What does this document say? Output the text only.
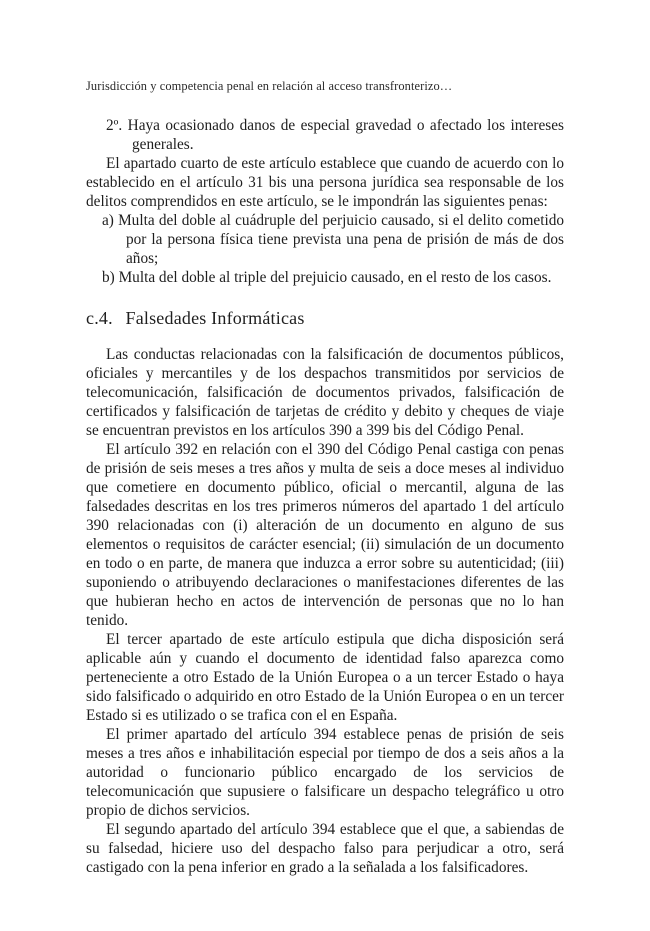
Jurisdicción y competencia penal en relación al acceso transfronterizo…

2º. Haya ocasionado danos de especial gravedad o afectado los intereses generales.

El apartado cuarto de este artículo establece que cuando de acuerdo con lo establecido en el artículo 31 bis una persona jurídica sea responsable de los delitos comprendidos en este artículo, se le impondrán las siguientes penas:

a) Multa del doble al cuádruple del perjuicio causado, si el delito cometido por la persona física tiene prevista una pena de prisión de más de dos años;

b) Multa del doble al triple del prejuicio causado, en el resto de los casos.

c.4. Falsedades Informáticas

Las conductas relacionadas con la falsificación de documentos públicos, oficiales y mercantiles y de los despachos transmitidos por servicios de telecomunicación, falsificación de documentos privados, falsificación de certificados y falsificación de tarjetas de crédito y debito y cheques de viaje se encuentran previstos en los artículos 390 a 399 bis del Código Penal.

El artículo 392 en relación con el 390 del Código Penal castiga con penas de prisión de seis meses a tres años y multa de seis a doce meses al individuo que cometiere en documento público, oficial o mercantil, alguna de las falsedades descritas en los tres primeros números del apartado 1 del artículo 390 relacionadas con (i) alteración de un documento en alguno de sus elementos o requisitos de carácter esencial; (ii) simulación de un documento en todo o en parte, de manera que induzca a error sobre su autenticidad; (iii) suponiendo o atribuyendo declaraciones o manifestaciones diferentes de las que hubieran hecho en actos de intervención de personas que no lo han tenido.

El tercer apartado de este artículo estipula que dicha disposición será aplicable aún y cuando el documento de identidad falso aparezca como perteneciente a otro Estado de la Unión Europea o a un tercer Estado o haya sido falsificado o adquirido en otro Estado de la Unión Europea o en un tercer Estado si es utilizado o se trafica con el en España.

El primer apartado del artículo 394 establece penas de prisión de seis meses a tres años e inhabilitación especial por tiempo de dos a seis años a la autoridad o funcionario público encargado de los servicios de telecomunicación que supusiere o falsificare un despacho telegráfico u otro propio de dichos servicios.

El segundo apartado del artículo 394 establece que el que, a sabiendas de su falsedad, hiciere uso del despacho falso para perjudicar a otro, será castigado con la pena inferior en grado a la señalada a los falsificadores.
